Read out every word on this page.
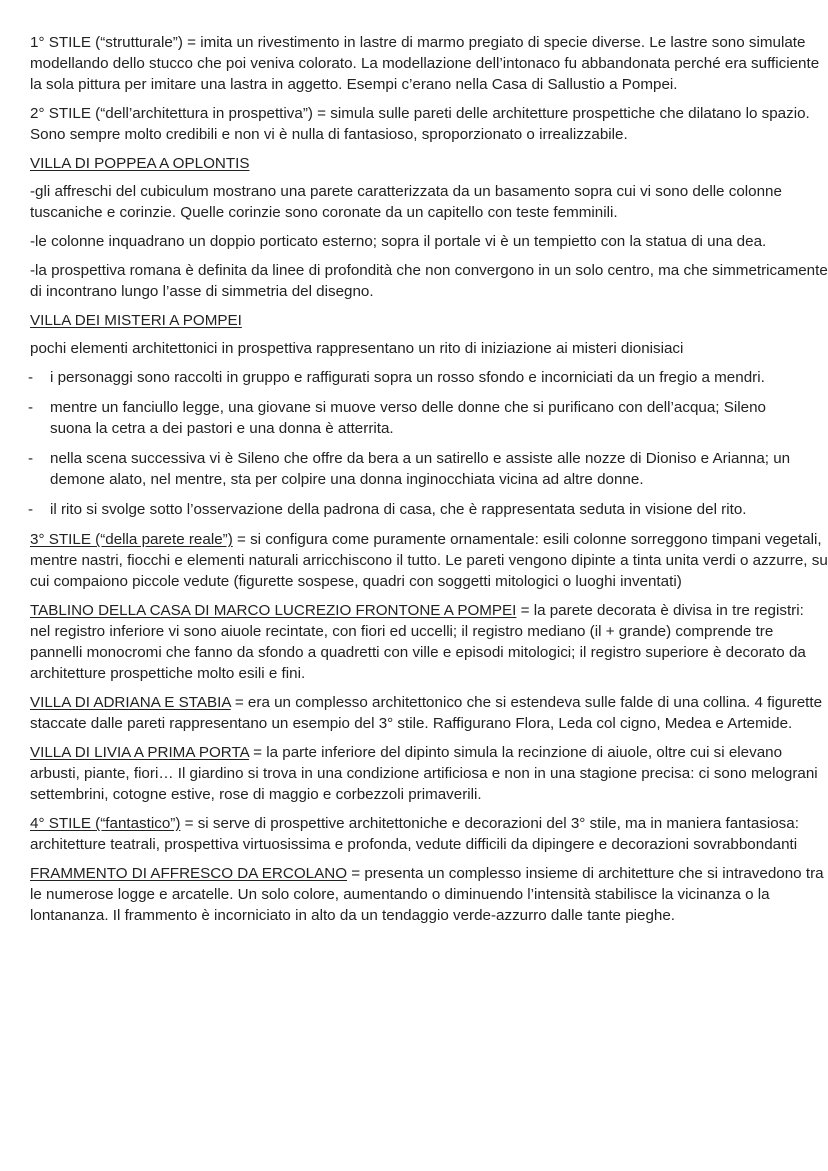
1° STILE (“strutturale”) = imita un rivestimento in lastre di marmo pregiato di specie diverse. Le lastre sono simulate modellando dello stucco che poi veniva colorato. La modellazione dell’intonaco fu abbandonata perché era sufficiente la sola pittura per imitare una lastra in aggetto. Esempi c’erano nella Casa di Sallustio a Pompei.

2° STILE (“dell’architettura in prospettiva”) = simula sulle pareti delle architetture prospettiche che dilatano lo spazio. Sono sempre molto credibili e non vi è nulla di fantasioso, sproporzionato o irrealizzabile.

VILLA DI POPPEA A OPLONTIS

-gli affreschi del cubiculum mostrano una parete caratterizzata da un basamento sopra cui vi sono delle colonne tuscaniche e corinzie. Quelle corinzie sono coronate da un capitello con teste femminili.

-le colonne inquadrano un doppio porticato esterno; sopra il portale vi è un tempietto con la statua di una dea.

-la prospettiva romana è definita da linee di profondità che non convergono in un solo centro, ma che simmetricamente di incontrano lungo l’asse di simmetria del disegno.

VILLA DEI MISTERI A POMPEI

pochi elementi architettonici in prospettiva rappresentano un rito di iniziazione ai misteri dionisiaci

- i personaggi sono raccolti in gruppo e raffigurati sopra un rosso sfondo e incorniciati da un fregio a mendri.
- mentre un fanciullo legge, una giovane si muove verso delle donne che si purificano con dell’acqua; Sileno suona la cetra a dei pastori e una donna è atterrita.
- nella scena successiva vi è Sileno che offre da bera a un satirello e assiste alle nozze di Dioniso e Arianna; un demone alato, nel mentre, sta per colpire una donna inginocchiata vicina ad altre donne.
- il rito si svolge sotto l’osservazione della padrona di casa, che è rappresentata seduta in visione del rito.

3° STILE (“della parete reale”) = si configura come puramente ornamentale: esili colonne sorreggono timpani vegetali, mentre nastri, fiocchi e elementi naturali arricchiscono il tutto. Le pareti vengono dipinte a tinta unita verdi o azzurre, su cui compaiono piccole vedute (figurette sospese, quadri con soggetti mitologici o luoghi inventati)

TABLINO DELLA CASA DI MARCO LUCREZIO FRONTONE A POMPEI = la parete decorata è divisa in tre registri: nel registro inferiore vi sono aiuole recintate, con fiori ed uccelli; il registro mediano (il + grande) comprende tre pannelli monocromi che fanno da sfondo a quadretti con ville e episodi mitologici; il registro superiore è decorato da architetture prospettiche molto esili e fini.

VILLA DI ADRIANA E STABIA = era un complesso architettonico che si estendeva sulle falde di una collina. 4 figurette staccate dalle pareti rappresentano un esempio del 3° stile. Raffigurano Flora, Leda col cigno, Medea e Artemide.

VILLA DI LIVIA A PRIMA PORTA = la parte inferiore del dipinto simula la recinzione di aiuole, oltre cui si elevano arbusti, piante, fiori… Il giardino si trova in una condizione artificiosa e non in una stagione precisa: ci sono melograni settembrini, cotogne estive, rose di maggio e corbezzoli primaverili.

4° STILE (“fantastico”) = si serve di prospettive architettoniche e decorazioni del 3° stile, ma in maniera fantasiosa: architetture teatrali, prospettiva virtuosissima e profonda, vedute difficili da dipingere e decorazioni sovrabbondanti

FRAMMENTO DI AFFRESCO DA ERCOLANO = presenta un complesso insieme di architetture che si intravedono tra le numerose logge e arcatelle. Un solo colore, aumentando o diminuendo l’intensità stabilisce la vicinanza o la lontananza. Il frammento è incorniciato in alto da un tendaggio verde-azzurro dalle tante pieghe.
